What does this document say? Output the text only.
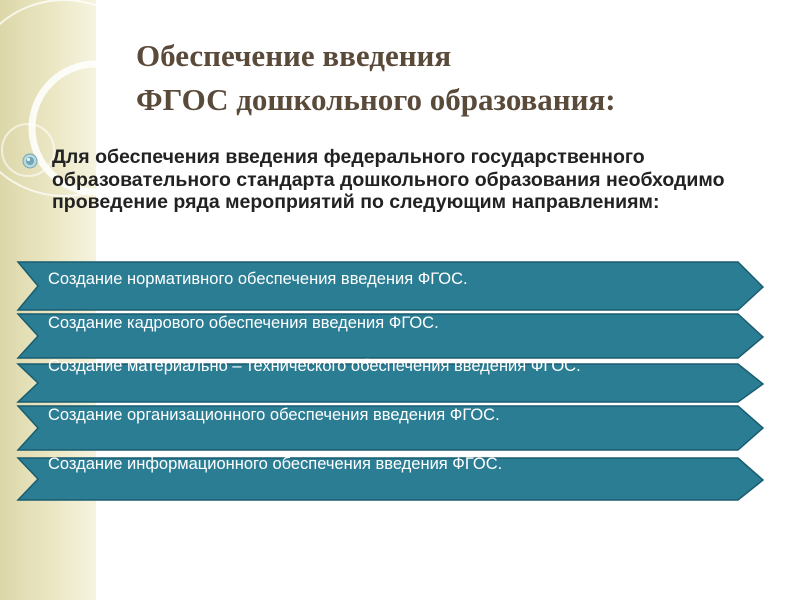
Обеспечение введения
ФГОС дошкольного образования:
Для обеспечения введения федерального государственного образовательного стандарта дошкольного образования необходимо проведение ряда мероприятий по следующим направлениям:
Создание нормативного обеспечения введения ФГОС.
Создание кадрового обеспечения введения ФГОС.
Создание материально – технического обеспечения введения ФГОС.
Создание организационного обеспечения введения ФГОС.
Создание информационного обеспечения введения ФГОС.
